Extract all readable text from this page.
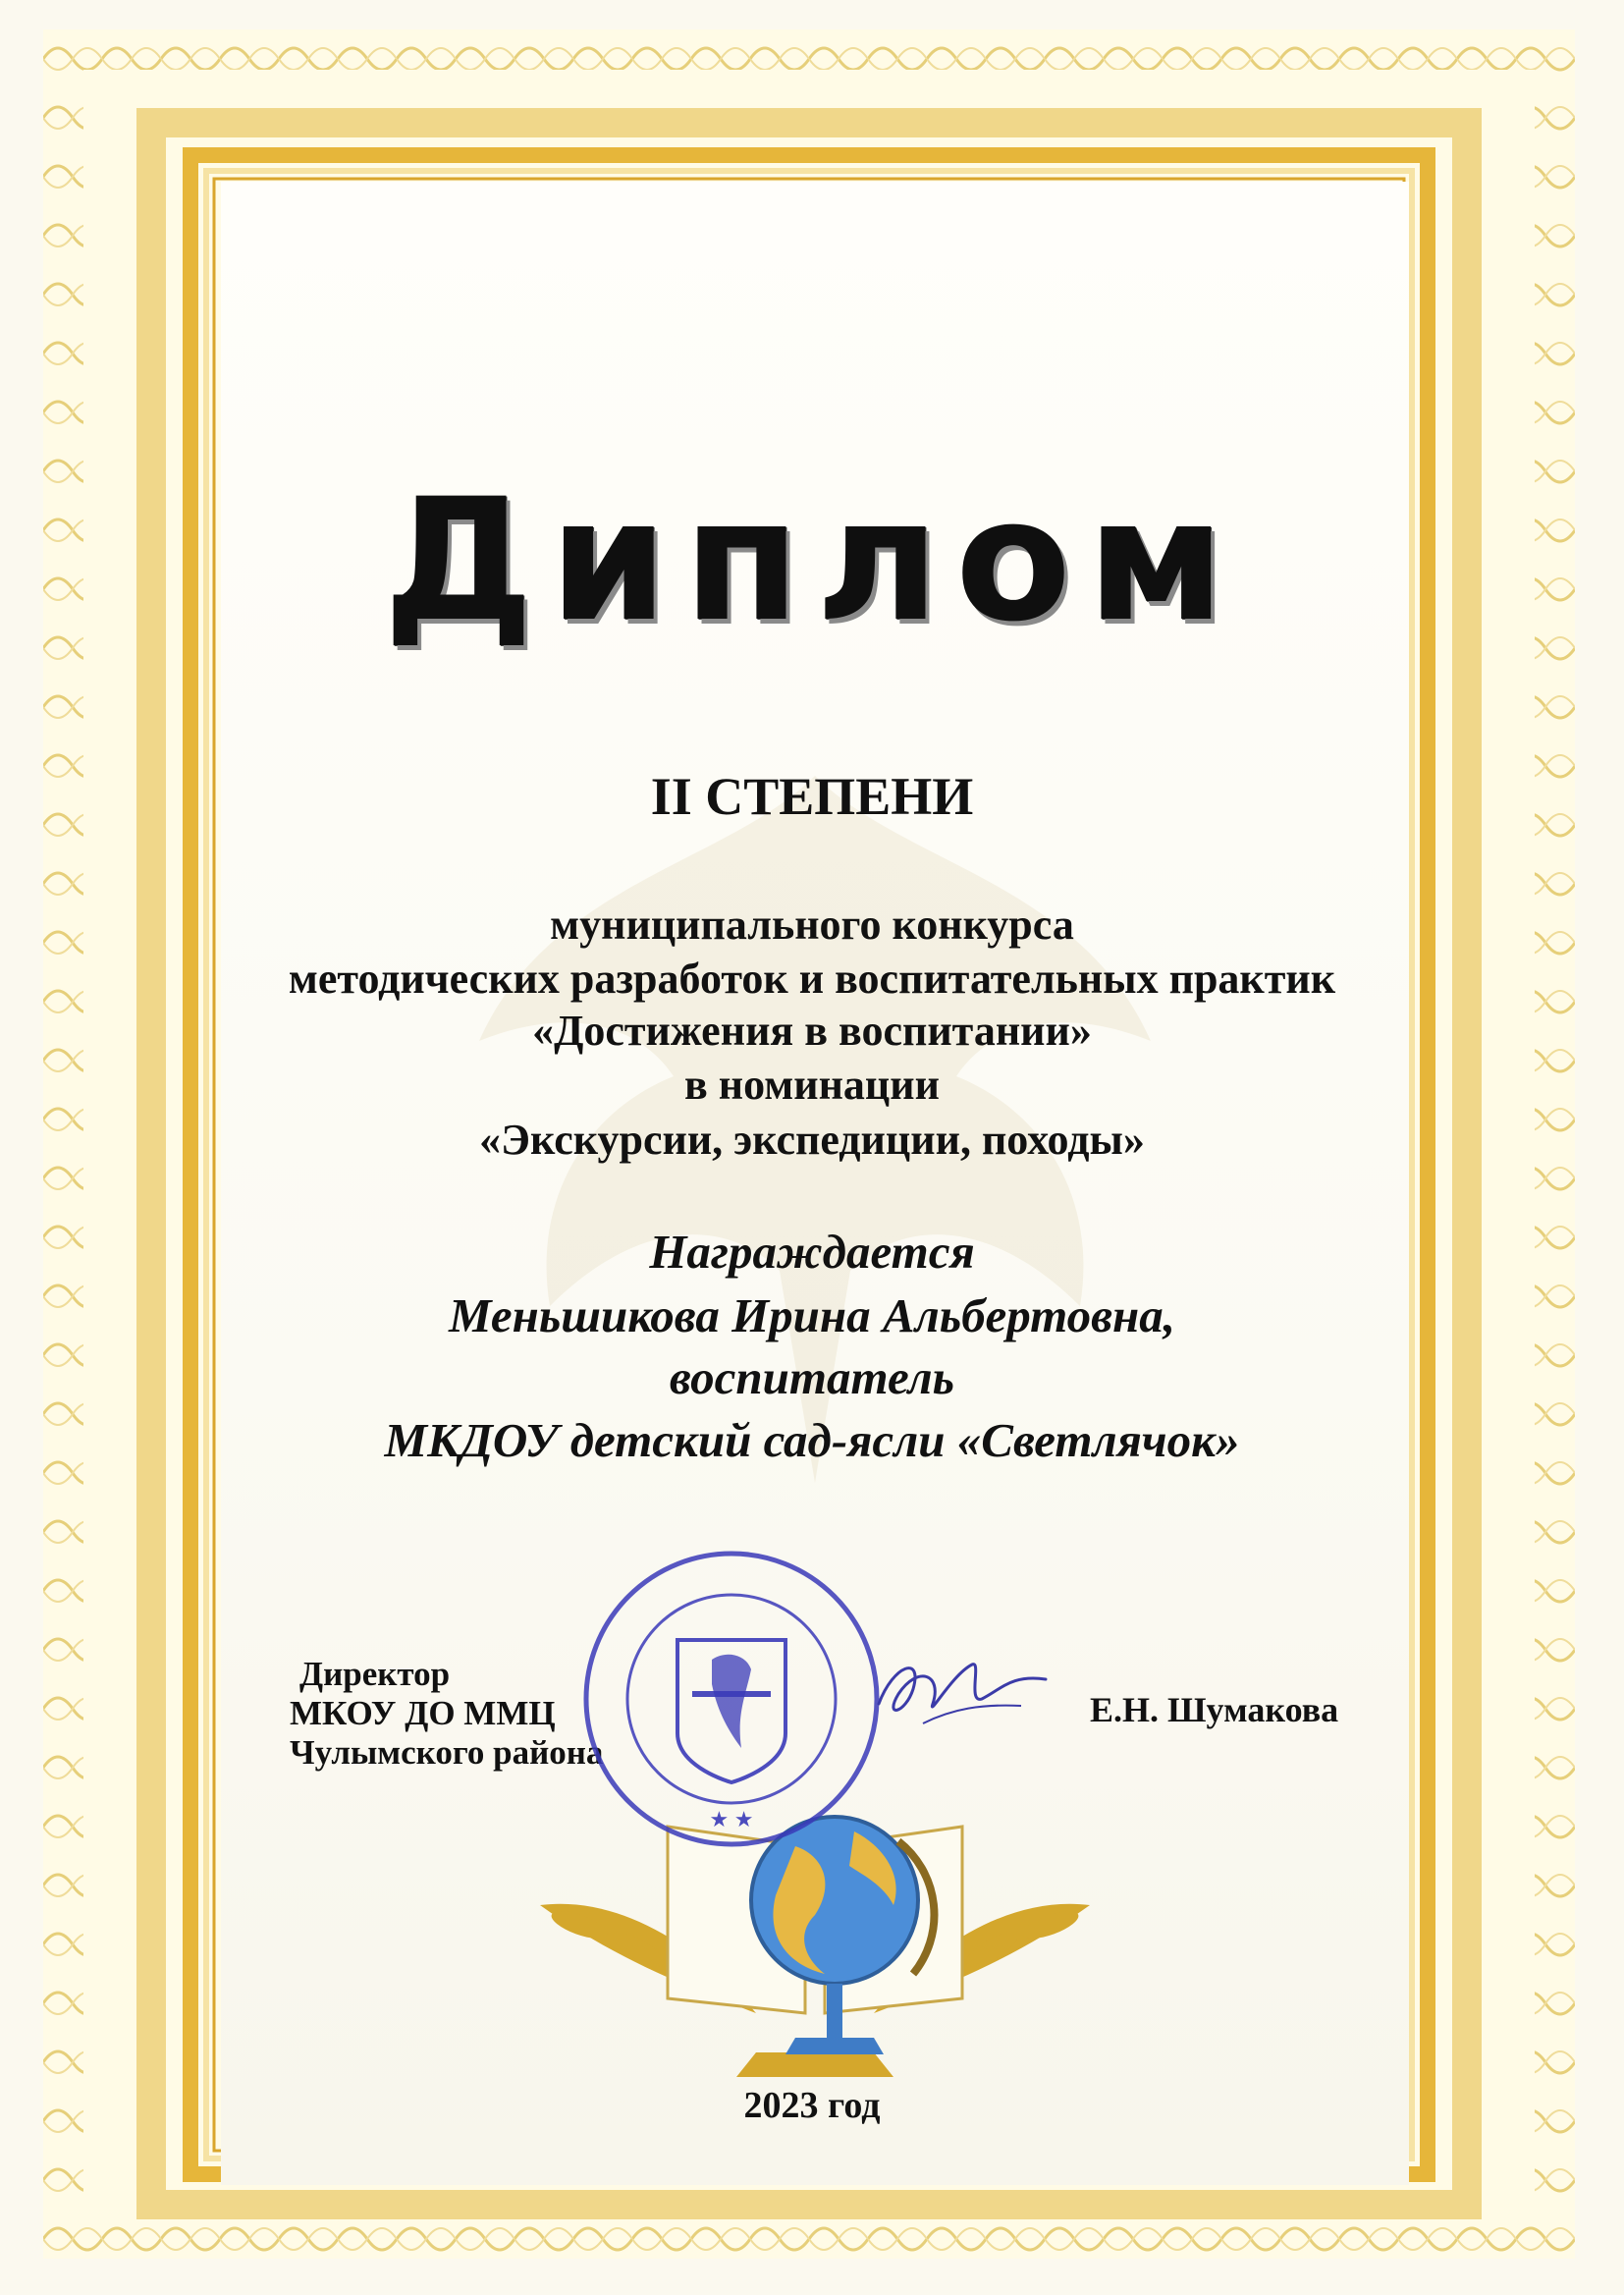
Диплом
II СТЕПЕНИ
муниципального конкурса
методических разработок и воспитательных практик
«Достижения в воспитании»
в номинации
«Экскурсии, экспедиции, походы»
Награждается
Меньшикова Ирина Альбертовна,
воспитатель
МКДОУ детский сад-ясли «Светлячок»
Директор
МКОУ ДО ММЦ
Чулымского района
Е.Н. Шумакова
★ ★
2023 год
